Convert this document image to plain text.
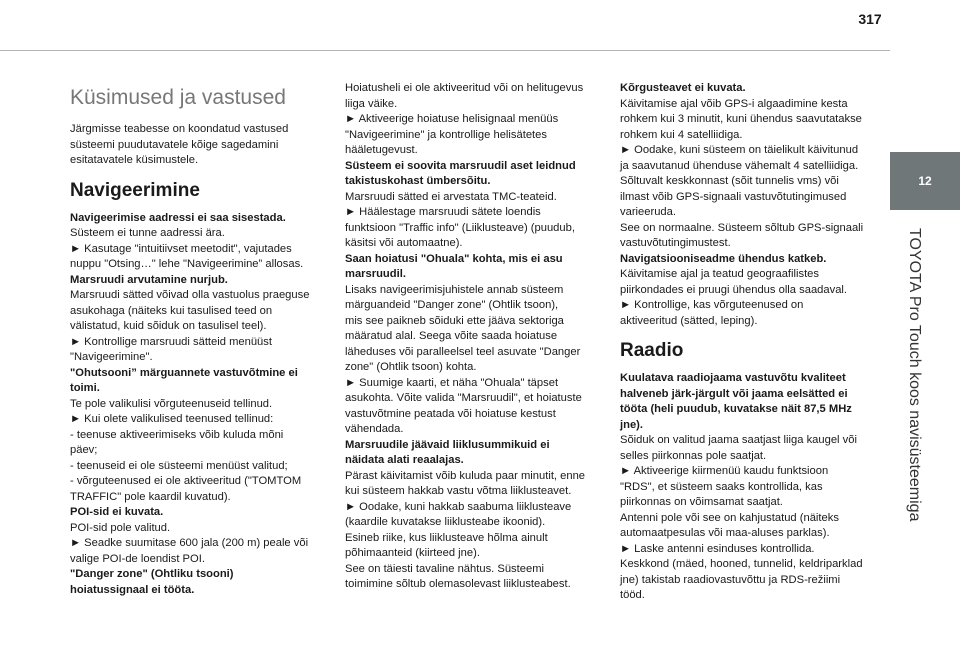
317
12
TOYOTA Pro Touch koos navisüsteemiga
Küsimused ja vastused

Järgmisse teabesse on koondatud vastused
süsteemi puudutavatele kõige sagedamini
esitatavatele küsimustele.

Navigeerimine

Navigeerimise aadressi ei saa sisestada.

Süsteem ei tunne aadressi ära.
► Kasutage "intuitiivset meetodit", vajutades
nuppu "Otsing…" lehe "Navigeerimine” allosas.

Marsruudi arvutamine nurjub.

Marsruudi sätted võivad olla vastuolus praeguse
asukohaga (näiteks kui tasulised teed on
välistatud, kuid sõiduk on tasulisel teel).
► Kontrollige marsruudi sätteid menüüst
"Navigeerimine".

"Ohutsooni” märguannete vastuvõtmine ei
toimi.

Te pole valikulisi võrguteenuseid tellinud.
► Kui olete valikulised teenused tellinud:
- teenuse aktiveerimiseks võib kuluda mõni
päev;
- teenuseid ei ole süsteemi menüüst valitud;
- võrguteenused ei ole aktiveeritud ("TOMTOM
TRAFFIC" pole kaardil kuvatud).

POI-sid ei kuvata.

POI-sid pole valitud.
► Seadke suumitase 600 jala (200 m) peale või
valige POI-de loendist POI.

"Danger zone" (Ohtliku tsooni)
hoiatussignaal ei tööta.

Hoiatusheli ei ole aktiveeritud või on helitugevus
liiga väike.
► Aktiveerige hoiatuse helisignaal menüüs
"Navigeerimine" ja kontrollige helisätetes
hääletugevust.

Süsteem ei soovita marsruudil aset leidnud
takistuskohast ümbersõitu.

Marsruudi sätted ei arvestata TMC-teateid.
► Häälestage marsruudi sätete loendis
funktsioon "Traffic info" (Liiklusteave) (puudub,
käsitsi või automaatne).

Saan hoiatusi "Ohuala" kohta, mis ei asu
marsruudil.

Lisaks navigeerimisjuhistele annab süsteem
märguandeid "Danger zone" (Ohtlik tsoon),
mis see paikneb sõiduki ette jääva sektoriga
määratud alal. Seega võite saada hoiatuse
läheduses või paralleelsel teel asuvate "Danger
zone" (Ohtlik tsoon) kohta.
► Suumige kaarti, et näha "Ohuala" täpset
asukohta. Võite valida "Marsruudil", et hoiatuste
vastuvõtmine peatada või hoiatuse kestust
vähendada.

Marsruudile jäävaid liiklusummikuid ei
näidata alati reaalajas.

Pärast käivitamist võib kuluda paar minutit, enne
kui süsteem hakkab vastu võtma liiklusteavet.
► Oodake, kuni hakkab saabuma liiklusteave
(kaardile kuvatakse liiklusteabe ikoonid).
Esineb riike, kus liiklusteave hõlma ainult
põhimaanteid (kiirteed jne).
See on täiesti tavaline nähtus. Süsteemi
toimimine sõltub olemasolevast liiklusteabest.

Kõrgusteavet ei kuvata.

Käivitamise ajal võib GPS-i algaadimine kesta
rohkem kui 3 minutit, kuni ühendus saavutatakse
rohkem kui 4 satelliidiga.
► Oodake, kuni süsteem on täielikult käivitunud
ja saavutanud ühenduse vähemalt 4 satelliidiga.
Sõltuvalt keskkonnast (sõit tunnelis vms) või
ilmast võib GPS-signaali vastuvõtutingimused
varieeruda.
See on normaalne. Süsteem sõltub GPS-signaali
vastuvõtutingimustest.

Navigatsiooniseadme ühendus katkeb.

Käivitamise ajal ja teatud geograafilistes
piirkondades ei pruugi ühendus olla saadaval.
► Kontrollige, kas võrguteenused on
aktiveeritud (sätted, leping).

Raadio

Kuulatava raadiojaama vastuvõtu kvaliteet
halveneb järk-järgult või jaama eelsätted ei
tööta (heli puudub, kuvatakse näit 87,5 MHz
jne).

Sõiduk on valitud jaama saatjast liiga kaugel või
selles piirkonnas pole saatjat.
► Aktiveerige kiirmenüü kaudu funktsioon
"RDS", et süsteem saaks kontrollida, kas
piirkonnas on võimsamat saatjat.
Antenni pole või see on kahjustatud (näiteks
automaatpesulas või maa-aluses parklas).
► Laske antenni esinduses kontrollida.
Keskkond (mäed, hooned, tunnelid, keldriparklad
jne) takistab raadiovastuvõttu ja RDS-režiimi
tööd.
